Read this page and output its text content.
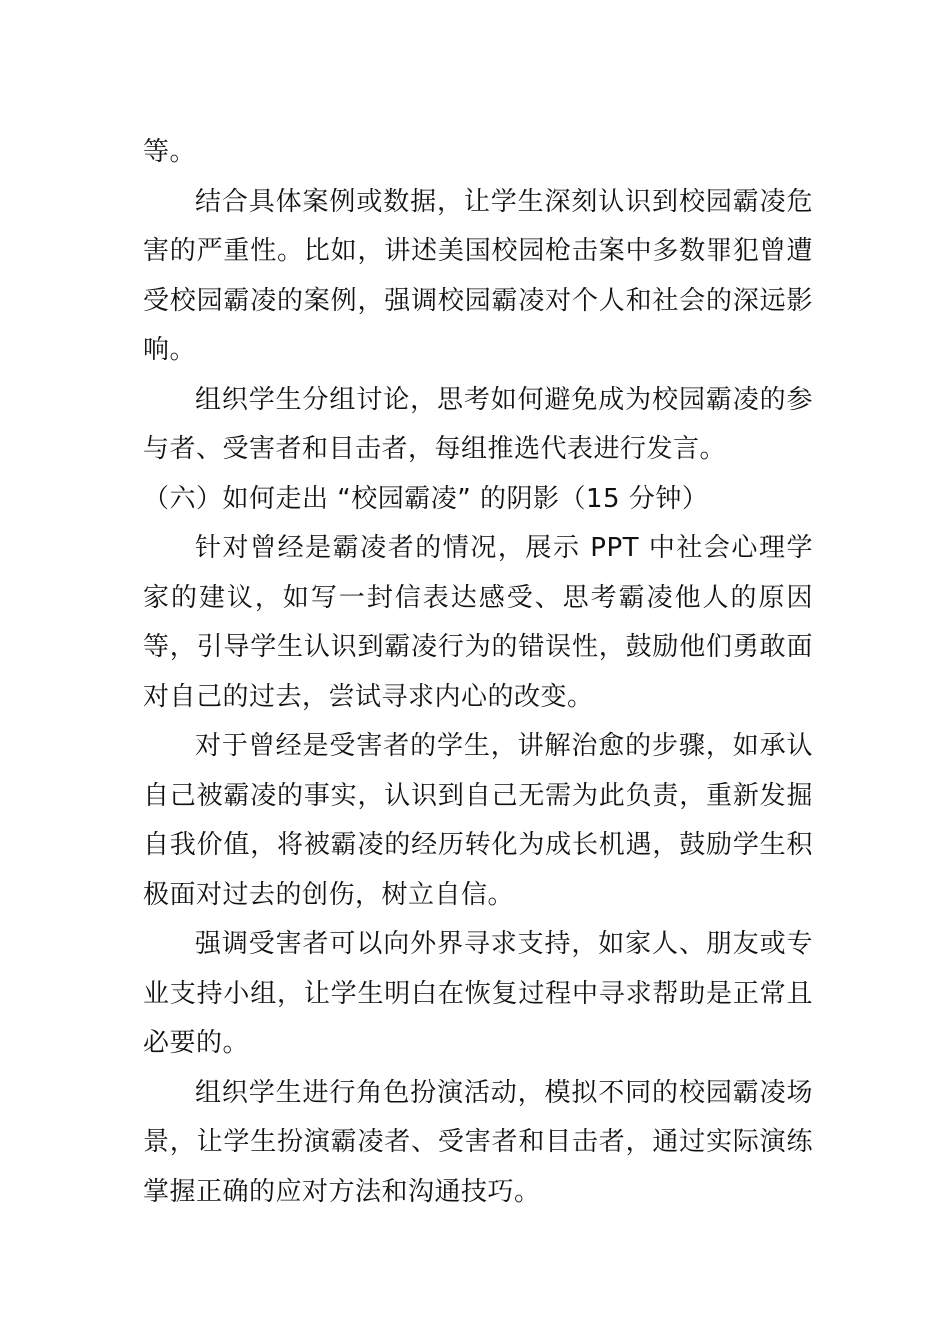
等。

结合具体案例或数据，让学生深刻认识到校园霸凌危害的严重性。比如，讲述美国校园枪击案中多数罪犯曾遭受校园霸凌的案例，强调校园霸凌对个人和社会的深远影响。

组织学生分组讨论，思考如何避免成为校园霸凌的参与者、受害者和目击者，每组推选代表进行发言。

（六）如何走出 “校园霸凌” 的阴影（15 分钟）

针对曾经是霸凌者的情况，展示 PPT 中社会心理学家的建议，如写一封信表达感受、思考霸凌他人的原因等，引导学生认识到霸凌行为的错误性，鼓励他们勇敢面对自己的过去，尝试寻求内心的改变。

对于曾经是受害者的学生，讲解治愈的步骤，如承认自己被霸凌的事实，认识到自己无需为此负责，重新发掘自我价值，将被霸凌的经历转化为成长机遇，鼓励学生积极面对过去的创伤，树立自信。

强调受害者可以向外界寻求支持，如家人、朋友或专业支持小组，让学生明白在恢复过程中寻求帮助是正常且必要的。

组织学生进行角色扮演活动，模拟不同的校园霸凌场景，让学生扮演霸凌者、受害者和目击者，通过实际演练掌握正确的应对方法和沟通技巧。
